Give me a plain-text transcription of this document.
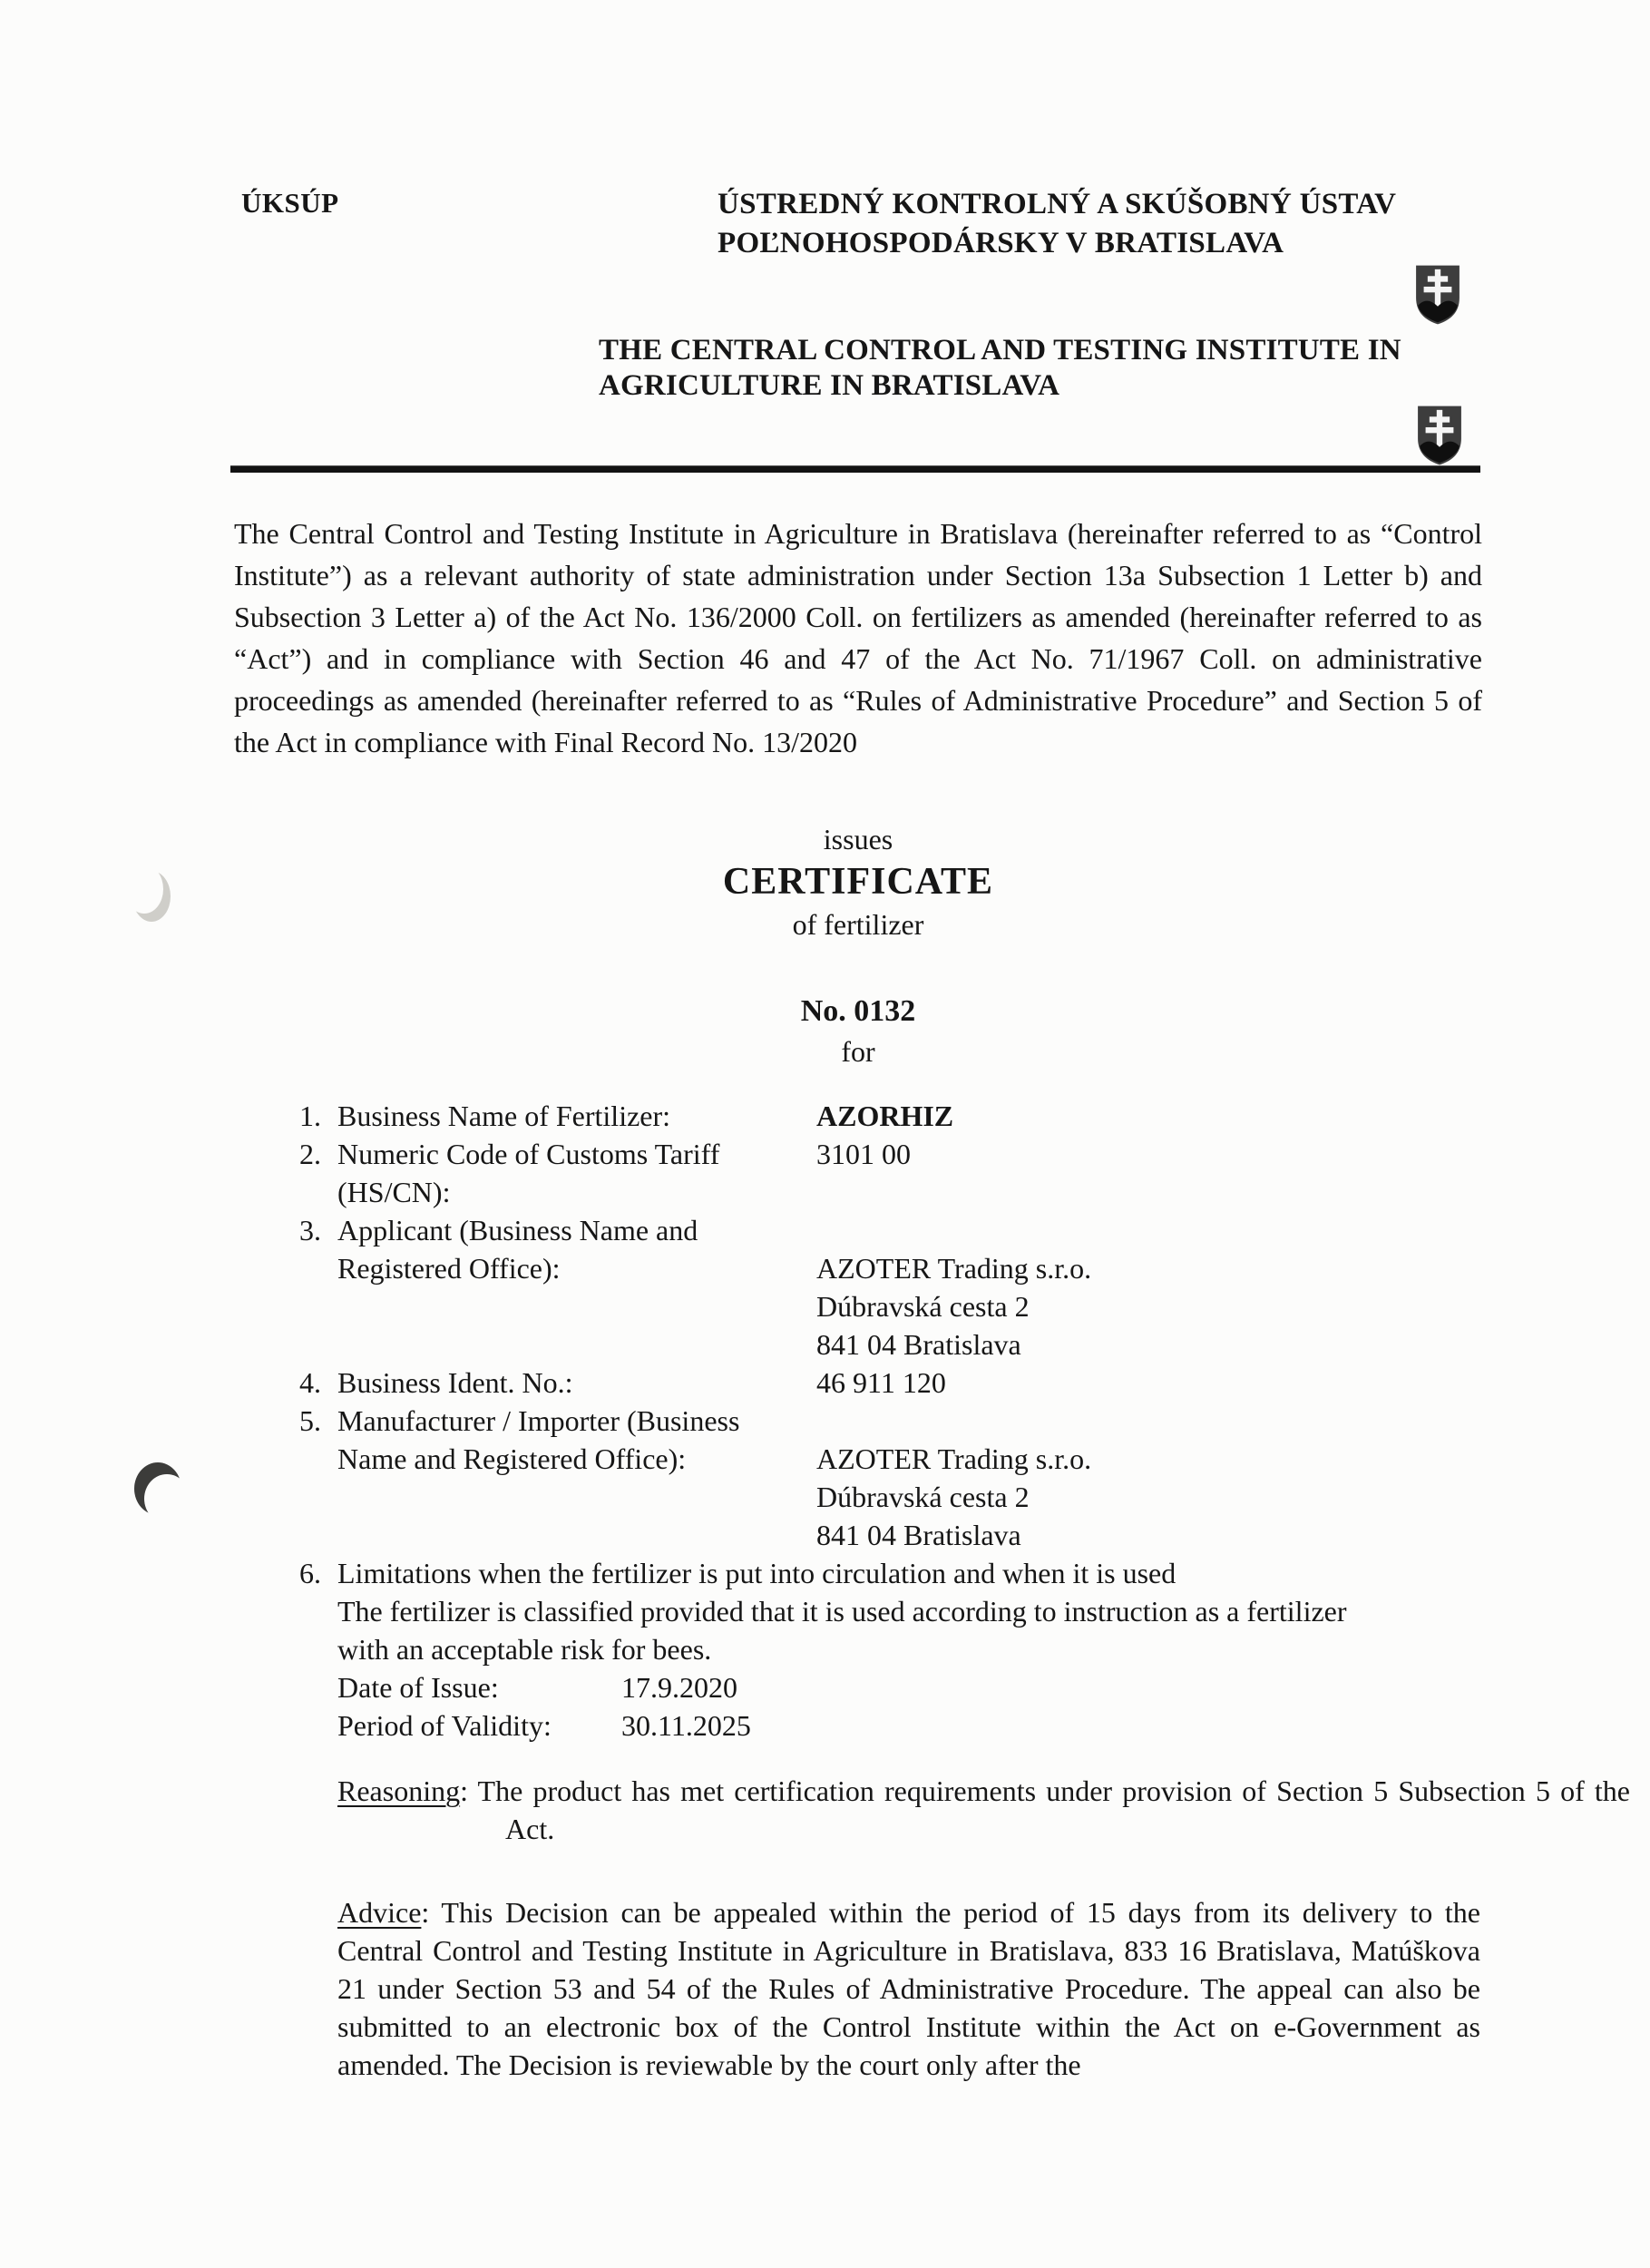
ÚKSÚP	ÚSTREDNÝ KONTROLNÝ A SKÚŠOBNÝ ÚSTAV
POĽNOHOSPODÁRSKY V BRATISLAVA
THE CENTRAL CONTROL AND TESTING INSTITUTE IN
AGRICULTURE IN BRATISLAVA
The Central Control and Testing Institute in Agriculture in Bratislava (hereinafter referred to as “Control Institute”) as a relevant authority of state administration under Section 13a Subsection 1 Letter b) and Subsection 3 Letter a) of the Act No. 136/2000 Coll. on fertilizers as amended (hereinafter referred to as “Act”) and in compliance with Section 46 and 47 of the Act No. 71/1967 Coll. on administrative proceedings as amended (hereinafter referred to as “Rules of Administrative Procedure” and Section 5 of the Act in compliance with Final Record No. 13/2020
issues
CERTIFICATE
of fertilizer
No. 0132
for
1. Business Name of Fertilizer:	AZORHIZ
2. Numeric Code of Customs Tariff	3101 00
(HS/CN):
3. Applicant (Business Name and
Registered Office):	AZOTER Trading s.r.o.
Dúbravská cesta 2
841 04 Bratislava
4. Business Ident. No.:	46 911 120
5. Manufacturer / Importer (Business
Name and Registered Office):	AZOTER Trading s.r.o.
Dúbravská cesta 2
841 04 Bratislava
6. Limitations when the fertilizer is put into circulation and when it is used
The fertilizer is classified provided that it is used according to instruction as a fertilizer
with an acceptable risk for bees.
Date of Issue:	17.9.2020
Period of Validity: 30.11.2025
Reasoning: The product has met certification requirements under provision of Section 5 Subsection 5 of the Act.
Advice: This Decision can be appealed within the period of 15 days from its delivery to the Central Control and Testing Institute in Agriculture in Bratislava, 833 16 Bratislava, Matúškova 21 under Section 53 and 54 of the Rules of Administrative Procedure. The appeal can also be submitted to an electronic box of the Control Institute within the Act on e-Government as amended. The Decision is reviewable by the court only after the
